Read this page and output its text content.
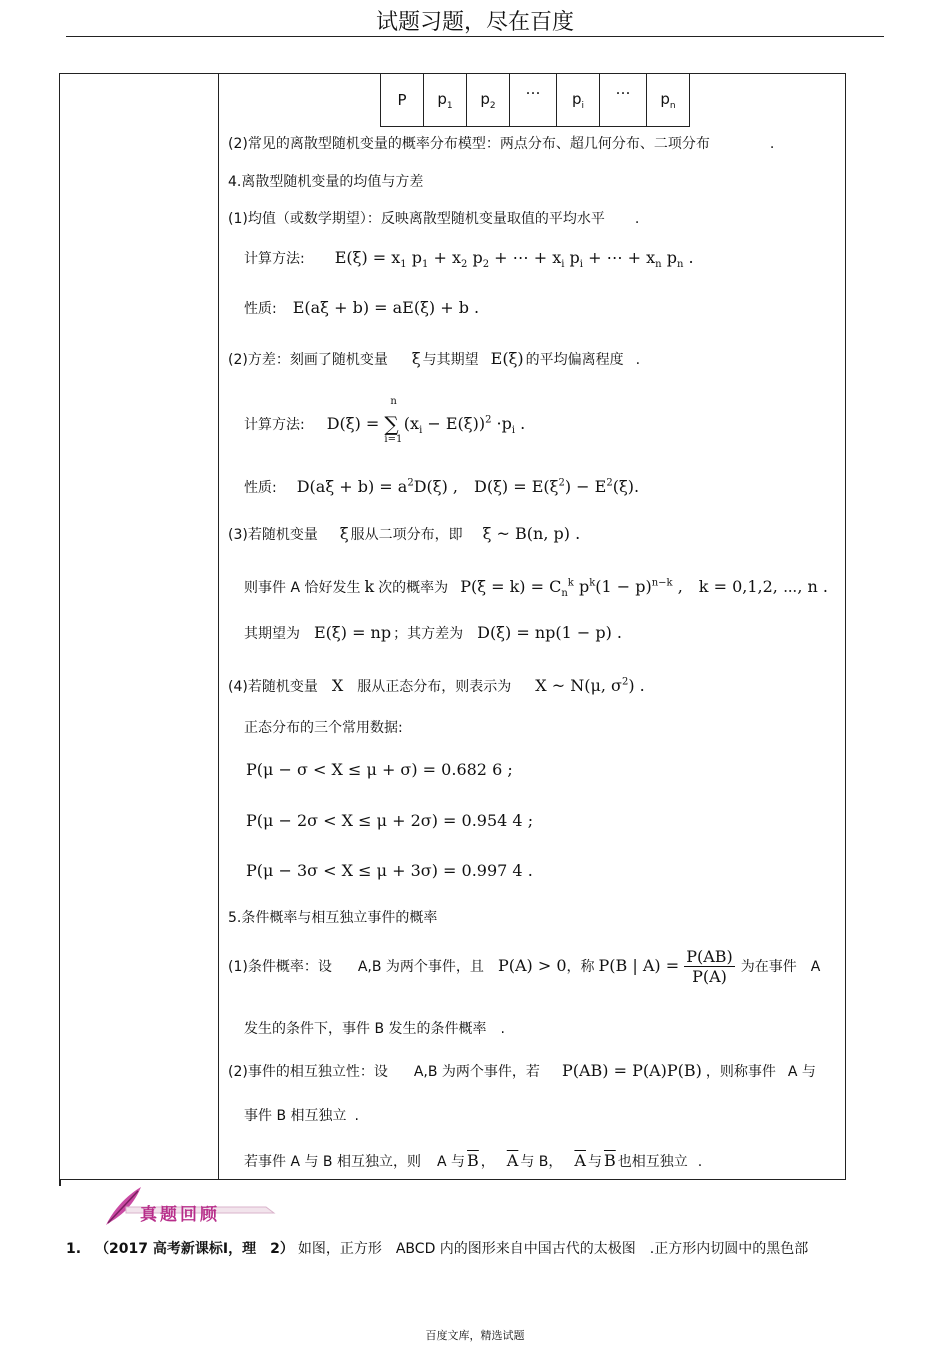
试题习题，尽在百度
P	$p_1$	$p_2$	…	$p_i$	…	$p_n$
(2)常见的离散型随机变量的概率分布模型：两点分布、超几何分布、二项分布	.
4.离散型随机变量的均值与方差
(1)均值（或数学期望）：反映离散型随机变量取值的平均水平 .
计算方法: $E(\xi) = x_1$ $p_1 + x_2$ $p_2$ + ⋯ + $x_i$ $p_i$ + ⋯ + $x_n$ $p_n$ .
性质: E(aξ + b) = aE(ξ) + b .
(2)方差：刻画了随机变量 ξ 与其期望 E(ξ) 的平均偏离程度 .
计算方法: D(ξ) = ∑
n
i=1
$(x_i - E(\xi))^2 \cdot p_i$ .
性质: $D(a\xi + b) = a^2D(\xi)$ ,　$D(\xi) = E(\xi^2) - E^2(\xi)$.
(3)若随机变量 ξ 服从二项分布，即 ξ ~ B(n, p) .
则事件 A 恰好发生 k 次的概率为 $P(\xi = k) = C_n^k$ $p^k(1 - p)^{n-k}$ ,　k = 0,1,2, ⋯, n .
其期望为 E(ξ) = np ；其方差为 D(ξ) = np(1 − p) .
(4)若随机变量 X 服从正态分布，则表示为 X ~ N(μ, $\sigma^2$) .
正态分布的三个常用数据:
P(μ − σ < X ≤ μ + σ) = 0.682 6 ;
P(μ − 2σ < X ≤ μ + 2σ) = 0.954 4 ;
P(μ − 3σ < X ≤ μ + 3σ) = 0.997 4 .
5.条件概率与相互独立事件的概率
(1)条件概率：设 A,B 为两个事件，且 P(A) > 0，称 P(B | $A) = \frac{P(AB)}{P(A)}$ 为在事件 A
发生的条件下，事件 B 发生的条件概率 .
(2)事件的相互独立性：设 A,B 为两个事件，若 P(AB) = P(A)P(B) ，则称事件 A 与
事件 B 相互独立 .
若事件 A 与 B 相互独立，则 A 与 $\overline{B}$ ， $\overline{A}$ 与 B， $\overline{A}$ 与 $\overline{B}$ 也相互独立 .
真题回顾
1. （2017 高考新课标Ⅰ，理　2） 如图，正方形　ABCD 内的图形来自中国古代的太极图　.正方形内切圆中的黑色部
百度文库，精选试题
